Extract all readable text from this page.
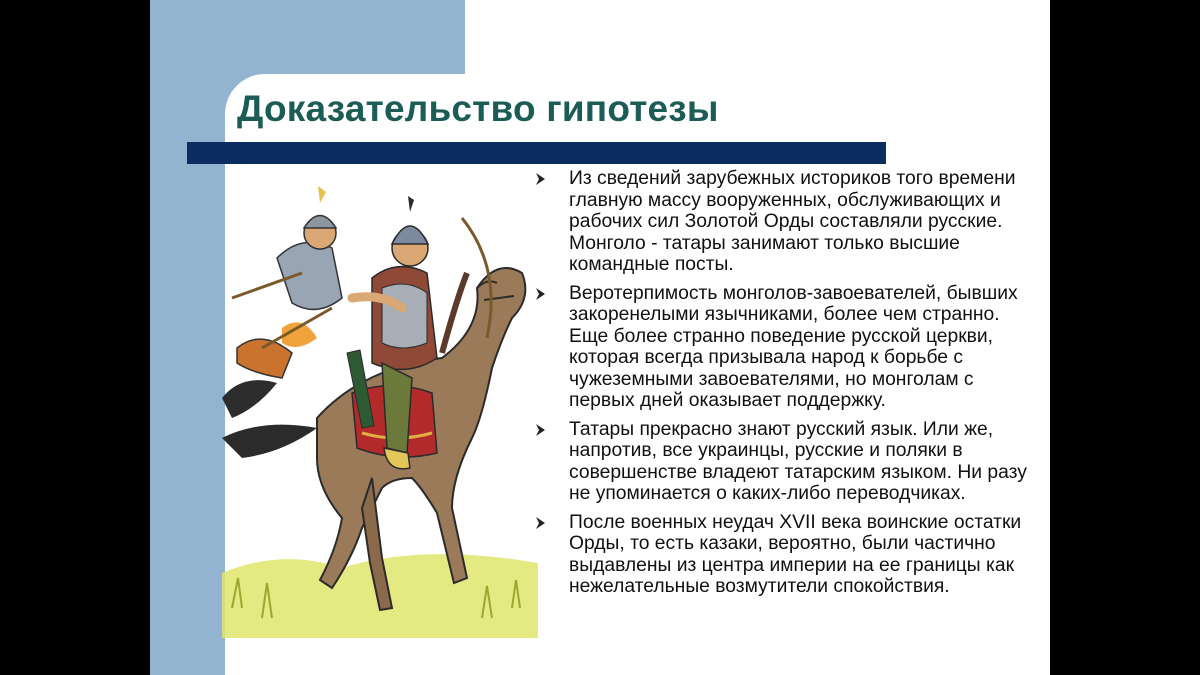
Доказательство гипотезы
Из сведений зарубежных историков того времени главную массу вооруженных, обслуживающих и рабочих сил Золотой Орды составляли русские. Монголо - татары занимают только высшие командные посты.
Веротерпимость монголов-завоевателей, бывших закоренелыми язычниками, более чем странно. Еще более странно поведение русской церкви, которая всегда призывала народ к борьбе с чужеземными завоевателями, но монголам с первых дней оказывает поддержку.
Татары прекрасно знают русский язык. Или же, напротив, все украинцы, русские и поляки в совершенстве владеют татарским языком. Ни разу не упоминается о каких-либо переводчиках.
После военных неудач XVII века воинские остатки Орды, то есть казаки, вероятно, были частично выдавлены из центра империи на ее границы как нежелательные возмутители спокойствия.
